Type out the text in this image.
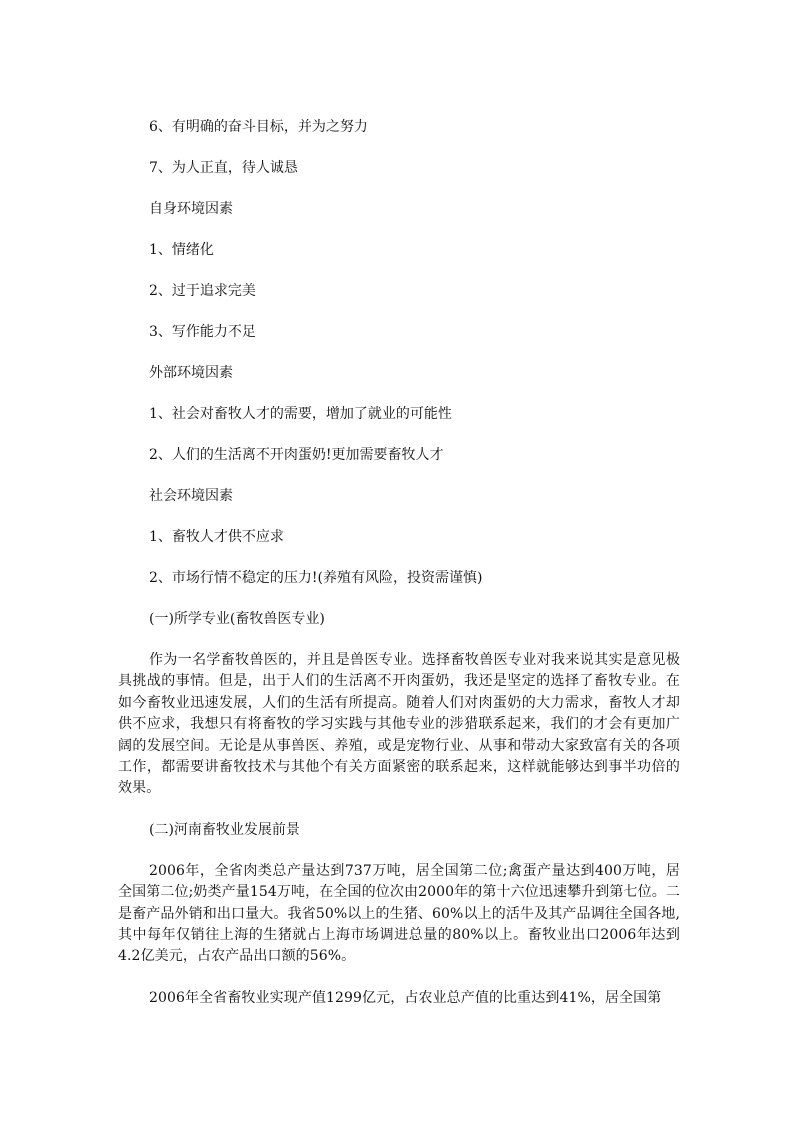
6、有明确的奋斗目标，并为之努力
7、为人正直，待人诚恳
自身环境因素
1、情绪化
2、过于追求完美
3、写作能力不足
外部环境因素
1、社会对畜牧人才的需要，增加了就业的可能性
2、人们的生活离不开肉蛋奶!更加需要畜牧人才
社会环境因素
1、畜牧人才供不应求
2、市场行情不稳定的压力!(养殖有风险，投资需谨慎)
(一)所学专业(畜牧兽医专业)

作为一名学畜牧兽医的，并且是兽医专业。选择畜牧兽医专业对我来说其实是意见极具挑战的事情。但是，出于人们的生活离不开肉蛋奶，我还是坚定的选择了畜牧专业。在如今畜牧业迅速发展，人们的生活有所提高。随着人们对肉蛋奶的大力需求，畜牧人才却供不应求，我想只有将畜牧的学习实践与其他专业的涉猎联系起来，我们的才会有更加广阔的发展空间。无论是从事兽医、养殖，或是宠物行业、从事和带动大家致富有关的各项工作，都需要讲畜牧技术与其他个有关方面紧密的联系起来，这样就能够达到事半功倍的效果。

(二)河南畜牧业发展前景

2006年，全省肉类总产量达到737万吨，居全国第二位;禽蛋产量达到400万吨，居全国第二位;奶类产量154万吨，在全国的位次由2000年的第十六位迅速攀升到第七位。二是畜产品外销和出口量大。我省50%以上的生猪、60%以上的活牛及其产品调往全国各地,其中每年仅销往上海的生猪就占上海市场调进总量的80%以上。畜牧业出口2006年达到4.2亿美元，占农产品出口额的56%。

2006年全省畜牧业实现产值1299亿元，占农业总产值的比重达到41%，居全国第
